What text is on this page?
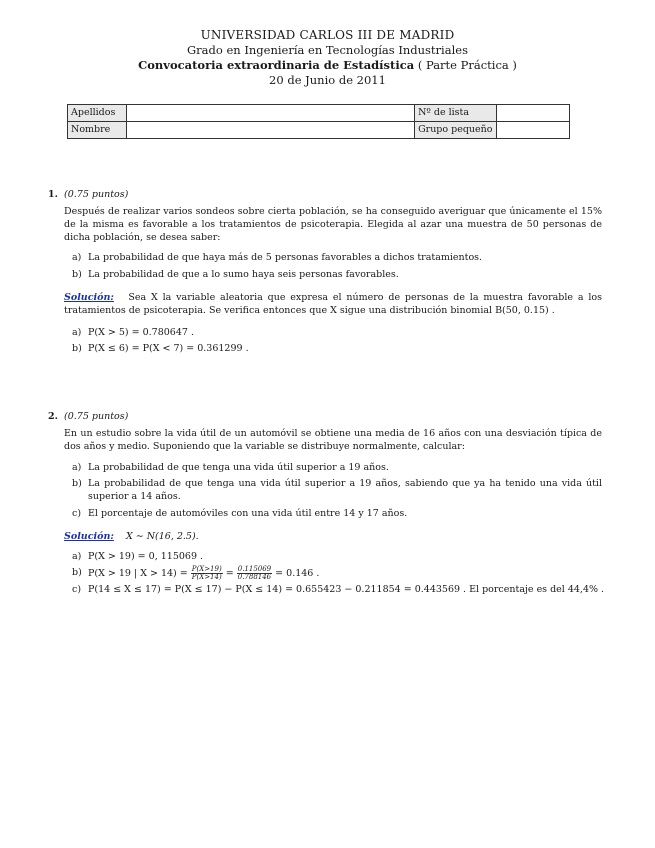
UNIVERSIDAD CARLOS III DE MADRID
Grado en Ingeniería en Tecnologías Industriales
Convocatoria extraordinaria de Estadística ( Parte Práctica )
20 de Junio de 2011
Apellidos		Nº de lista	
Nombre		Grupo pequeño	
1. (0.75 puntos)

Después de realizar varios sondeos sobre cierta población, se ha conseguido averiguar que únicamente el 15% de la misma es favorable a los tratamientos de psicoterapia. Elegida al azar una muestra de 50 personas de dicha población, se desea saber:

a) La probabilidad de que haya más de 5 personas favorables a dichos tratamientos.

b) La probabilidad de que a lo sumo haya seis personas favorables.

Solución: Sea X la variable aleatoria que expresa el número de personas de la muestra favorable a los tratamientos de psicoterapia. Se verifica entonces que X sigue una distribución binomial B(50, 0.15) .

a) P(X > 5) = 0.780647 .

b) P(X ≤ 6) = P(X < 7) = 0.361299 .

2. (0.75 puntos)

En un estudio sobre la vida útil de un automóvil se obtiene una media de 16 años con una desviación típica de dos años y medio. Suponiendo que la variable se distribuye normalmente, calcular:

a) La probabilidad de que tenga una vida útil superior a 19 años.

b) La probabilidad de que tenga una vida útil superior a 19 años, sabiendo que ya ha tenido una vida útil superior a 14 años.

c) El porcentaje de automóviles con una vida útil entre 14 y 17 años.

Solución: X ∼ N(16, 2.5).

a) P(X > 19) = 0, 115069 .

b) P(X > 19 | $X > 14) = \frac{P(X>19)}{P(X>14)} = \frac{0.115069}{0.788146} = 0.146$ .

c) P(14 ≤ X ≤ 17) = P(X ≤ 17) − P(X ≤ 14) = 0.655423 − 0.211854 = 0.443569 . El porcentaje es del 44,4% .
